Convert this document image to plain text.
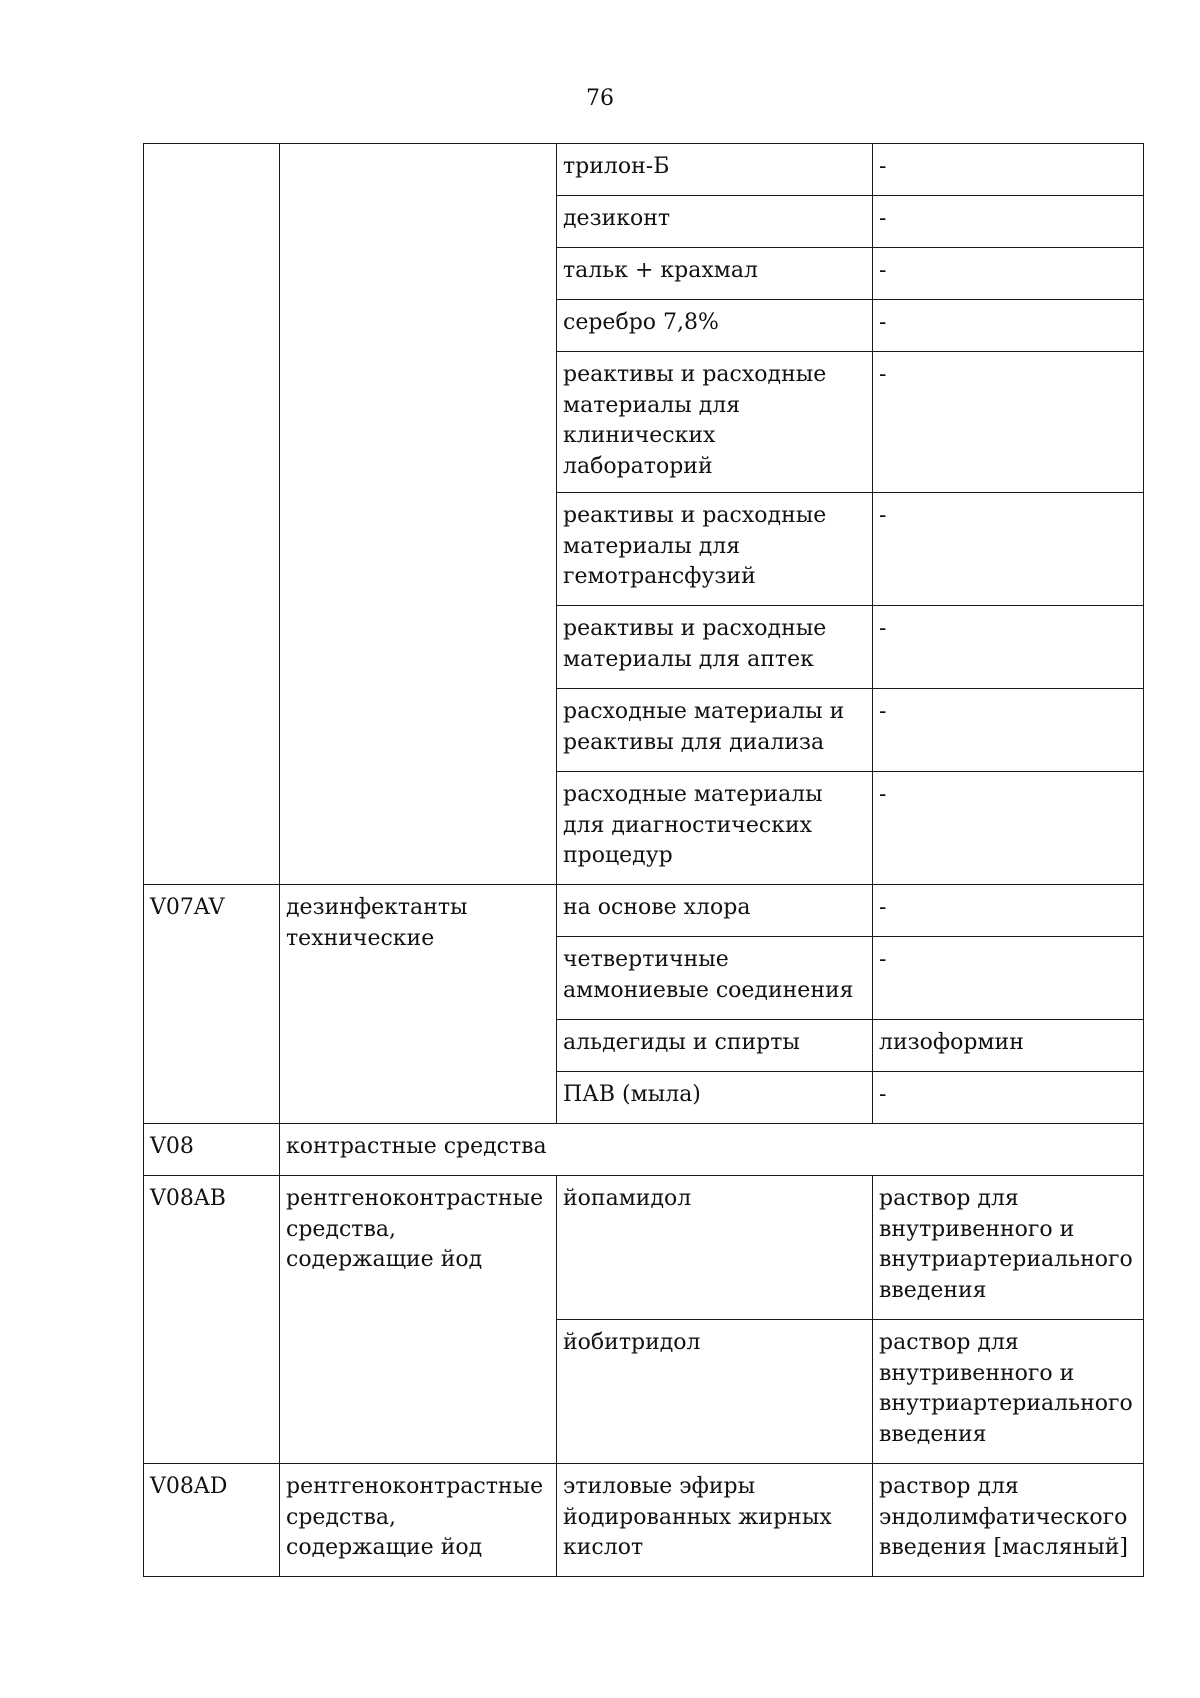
76
		трилон-Б	-
		дезиконт	-
		тальк + крахмал	-
		серебро 7,8%	-
		реактивы и расходные материалы для клинических лабораторий	-
		реактивы и расходные материалы для гемотрансфузий	-
		реактивы и расходные материалы для аптек	-
		расходные материалы и реактивы для диализа	-
		расходные материалы для диагностических процедур	-
V07AV	дезинфектанты технические	на основе хлора	-
		четвертичные аммониевые соединения	-
		альдегиды и спирты	лизоформин
		ПАВ (мыла)	-
V08	контрастные средства		
V08AB	рентгеноконтрастные средства, содержащие йод	йопамидол	раствор для внутривенного и внутриартериального введения
		йобитридол	раствор для внутривенного и внутриартериального введения
V08AD	рентгеноконтрастные средства, содержащие йод	этиловые эфиры йодированных жирных кислот	раствор для эндолимфатического введения [масляный]
